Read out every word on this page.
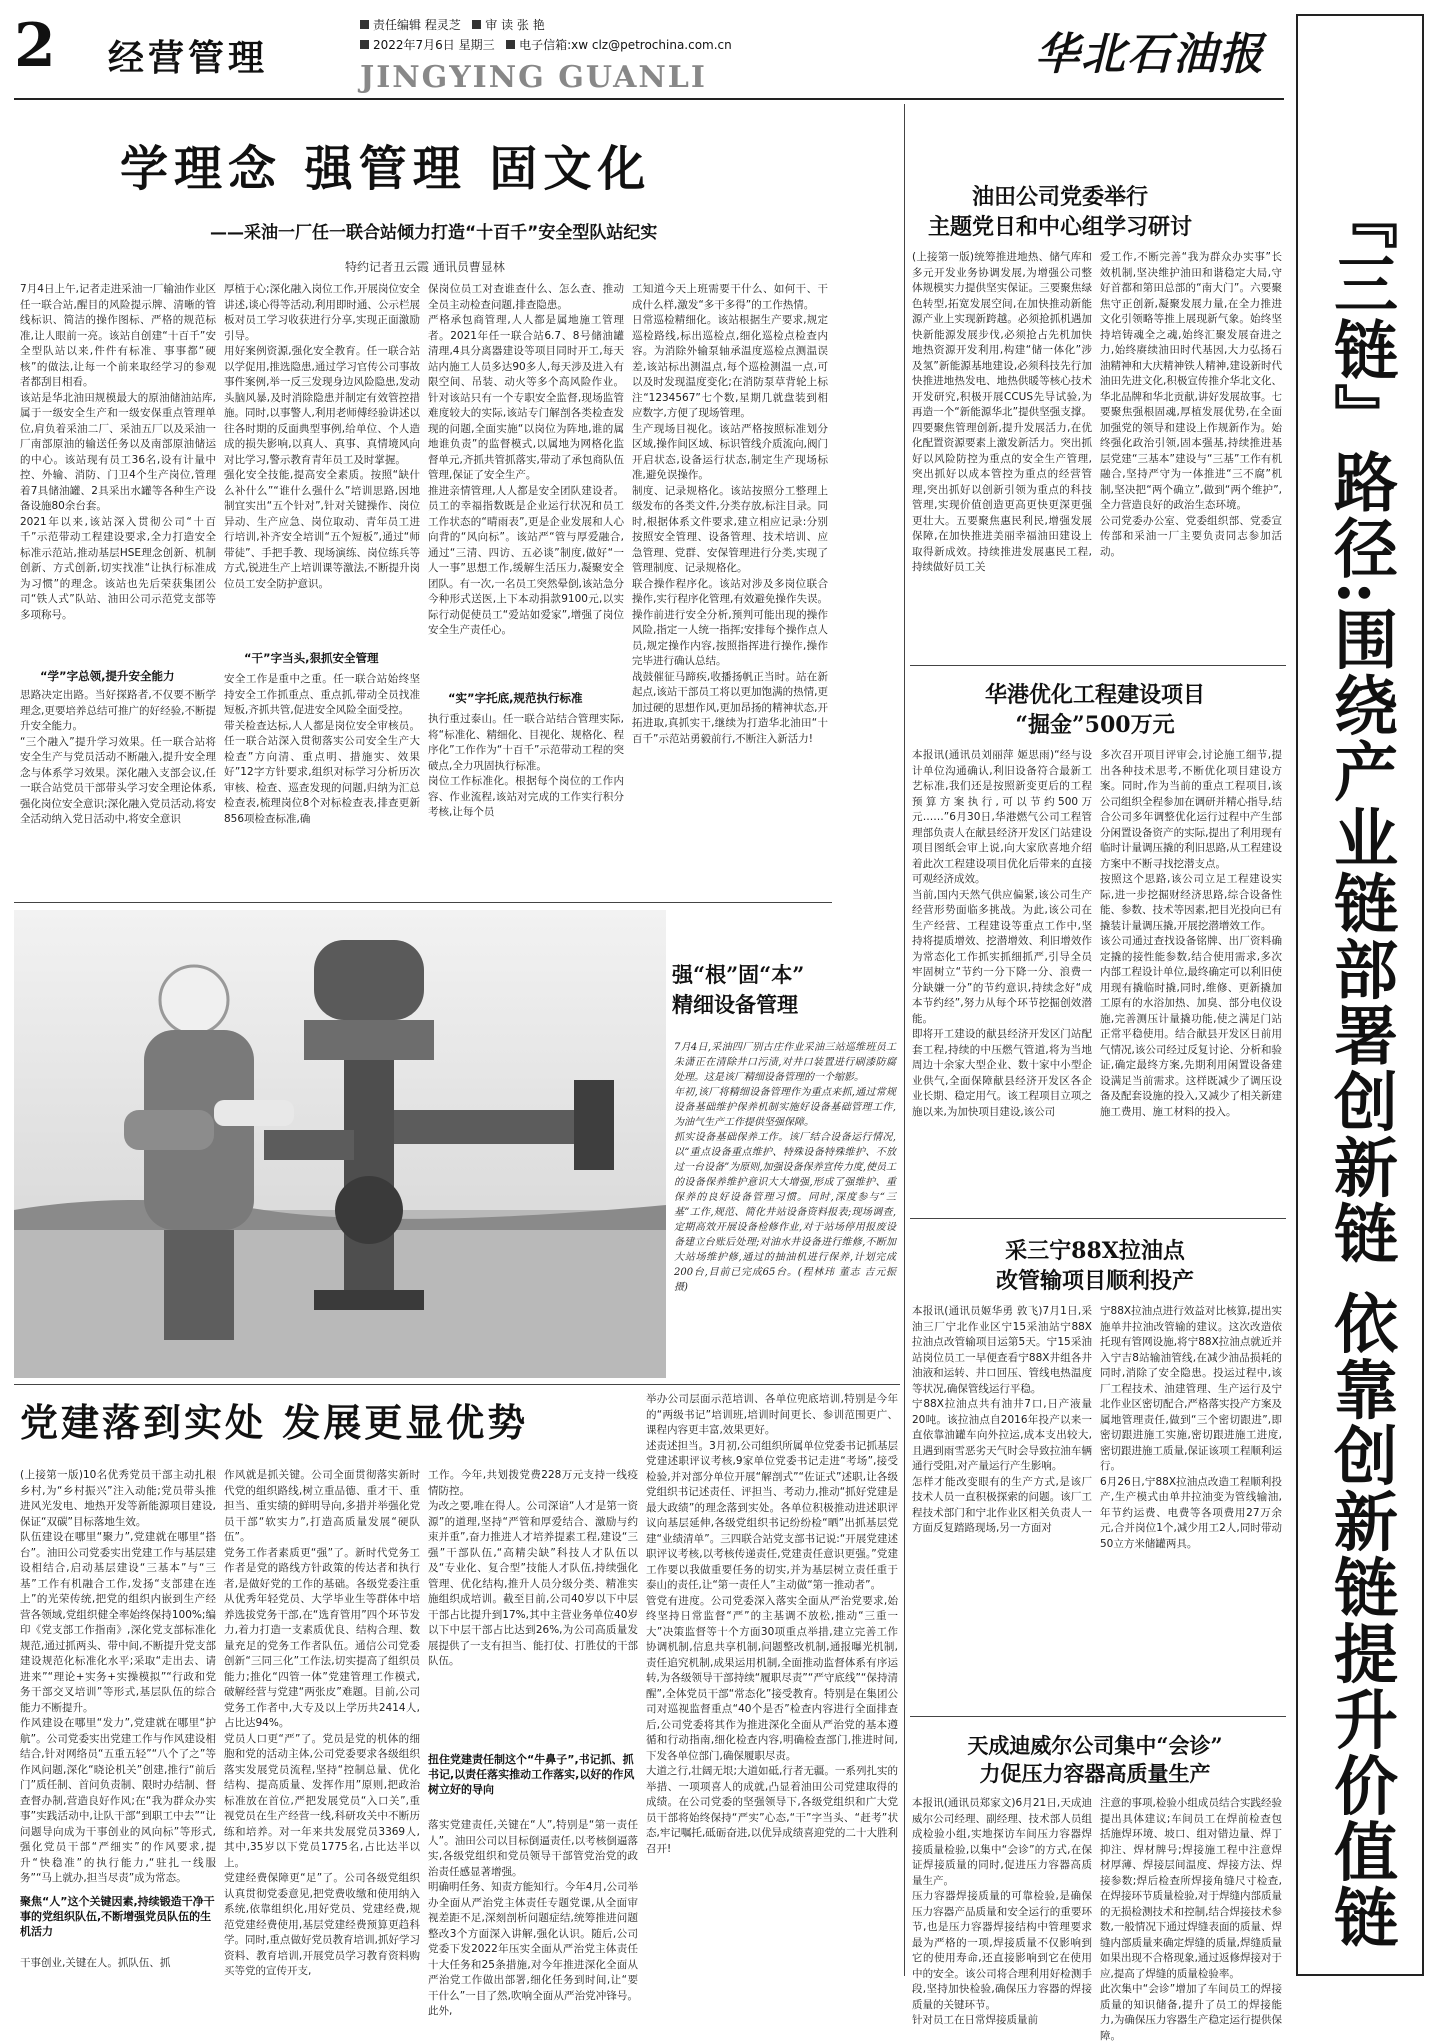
2 经营管理
责任编辑 程灵芝 审 读 张 艳
2022年7月6日 星期三 电子信箱:xw clz@petrochina.com.cn
JINGYING GUANLI	华北石油报
『三链』路径:围绕产业链部署创新链 依靠创新链提升价值链
学理念 强管理 固文化
——采油一厂任一联合站倾力打造“十百千”安全型队站纪实
特约记者丑云霞 通讯员曹显林
7月4日上午,记者走进采油一厂输油作业区任一联合站,醒目的风险提示牌、清晰的管线标识、简洁的操作图标、严格的规范标准,让人眼前一亮。该站自创建“十百千”安全型队站以来,件件有标准、事事都“硬核”的做法,让每一个前来取经学习的参观者都刮目相看。
该站是华北油田规模最大的原油储油站库,属于一级安全生产和一级安保重点管理单位,肩负着采油二厂、采油五厂以及采油一厂南部原油的输送任务以及南部原油储运的中心。该站现有员工36名,设有计量中控、外输、消防、门卫4个生产岗位,管理着7具储油罐、2具采出水罐等各种生产设备设施80余台套。
2021年以来,该站深入贯彻公司“十百千”示范带动工程建设要求,全力打造安全标准示范站,推动基层HSE理念创新、机制创新、方式创新,切实找准“让执行标准成为习惯”的理念。该站也先后荣获集团公司“铁人式”队站、油田公司示范党支部等多项称号。
“学”字总领,提升安全能力
思路决定出路。当好探路者,不仅要不断学理念,更要培养总结可推广的好经验,不断提升安全能力。
“三个融入”提升学习效果。任一联合站将安全生产与党员活动不断融入,提升安全理念与体系学习效果。深化融入支部会议,任一联合站党员干部带头学习安全理论体系,强化岗位安全意识;深化融入党员活动,将安全活动纳入党日活动中,将安全意识
厚植于心;深化融入岗位工作,开展岗位安全讲述,谈心得等活动,利用即时通、公示栏展板对员工学习收获进行分享,实现正面激励引导。
用好案例资源,强化安全教育。任一联合站以学促用,推选隐患,通过学习官传公司事故事件案例,举一反三发现身边风险隐患,发动头脑风暴,及时消除隐患并制定有效管控措施。同时,以事警人,利用老师傅经验讲述以往各时期的反面典型事例,给单位、个人造成的损失影响,以真人、真事、真情境风向对比学习,警示教育青年员工及时掌握。
强化安全技能,提高安全素质。按照“缺什么补什么”“谁什么强什么”培训思路,因地制宜实出“五个针对”,针对关键操作、岗位异动、生产应急、岗位取动、青年员工进行培训,补齐安全培训“五个短板”,通过“师带徒”、手把手教、现场演练、岗位练兵等方式,锐进生产上培训课等激法,不断提升岗位员工安全防护意识。
“干”字当头,狠抓安全管理
安全工作是重中之重。任一联合站始终坚持安全工作抓重点、重点抓,带动全员找准短板,齐抓共管,促进安全风险全面受控。
带关检查达标,人人都是岗位安全审核员。任一联合站深入贯彻落实公司安全生产大检查”方向清、重点明、措施实、效果好”12字方针要求,组织对标学习分析历次审核、检查、巡查发现的问题,归纳为汇总检查表,梳理岗位8个对标检查表,排查更新856项检查标准,确
保岗位员工对查谁查什么、怎么查、推动全员主动检查问题,排查隐患。
严格承包商管理,人人都是属地施工管理者。2021年任一联合站6.7、8号储油罐清理,4具分离器建设等项目同时开工,每天站内施工人员多达90多人,每天涉及进入有限空间、吊装、动火等多个高风险作业。针对该站只有一个专职安全监督,现场监管难度较大的实际,该站专门解剖各类检查发现的问题,全面实施“以岗位为阵地,谁的属地谁负责”的监督模式,以属地为网格化监督单元,齐抓共管抓落实,带动了承包商队伍管理,保证了安全生产。
推进亲情管理,人人都是安全团队建设者。员工的幸福指数既是企业运行状况和员工工作状态的“晴雨表”,更是企业发展和人心向背的“风向标”。该站严“管与厚爱融合,通过“三清、四访、五必谈”制度,做好“一人一事”思想工作,缓解生活压力,凝聚安全团队。有一次,一名员工突然晕倒,该站急分今种形式送医,上下本动捐款9100元,以实际行动促使员工“爱站如爱家”,增强了岗位安全生产责任心。
“实”字托底,规范执行标准
执行重过泰山。任一联合站结合管理实际,将“标准化、精细化、目视化、规格化、程序化”工作作为“十百千”示范带动工程的突破点,全力巩固执行标准。
岗位工作标准化。根据每个岗位的工作内容、作业流程,该站对完成的工作实行积分考核,让每个员
工知道今天上班需要干什么、如何干、干成什么样,激发“多干多得”的工作热情。
日常巡检精细化。该站根据生产要求,规定巡检路线,标出巡检点,细化巡检点检查内容。为消除外输泵轴承温度巡检点测温误差,该站标出测温点,每个巡检测温一点,可以及时发现温度变化;在消防泵草背轮上标注“1234567”七个数,星期几就盘装到相应数字,方便了现场管理。
生产现场目视化。该站严格按照标准划分区域,操作间区域、标识管线介质流向,阀门开启状态,设备运行状态,制定生产现场标准,避免误操作。
制度、记录规格化。该站按照分工整理上级发布的各类文件,分类存放,标注目录。同时,根据体系文件要求,建立相应记录:分别按照安全管理、设备管理、技术培训、应急管理、党群、安保管理进行分类,实现了管理制度、记录规格化。
联合操作程序化。该站对涉及多岗位联合操作,实行程序化管理,有效避免操作失误。操作前进行安全分析,预判可能出现的操作风险,指定一人统一指挥;安排每个操作点人员,规定操作内容,按照指挥进行操作,操作完毕进行确认总结。
战鼓催征马蹄疾,收播扬帆正当时。站在新起点,该站干部员工将以更加饱满的热情,更加过硬的思想作风,更加昂扬的精神状态,开拓进取,真抓实干,继续为打造华北油田“十百千”示范站勇毅前行,不断注入新活力!
油田公司党委举行
主题党日和中心组学习研讨
(上接第一版)统筹推进地热、储气库和多元开发业务协调发展,为增强公司整体规模实力提供坚实保证。三要聚焦绿色转型,拓宽发展空间,在加快推动新能源产业上实现新跨越。必须抢抓机遇加快新能源发展步伐,必须抢占先机加快地热资源开发利用,构建“储一体化”涉及氢”新能源基地建设,必须科技先行加快推进地热发电、地热供暖等核心技术开发研究,积极开展CCUS先导试验,为再造一个“新能源华北”提供坚强支撑。四要聚焦管理创新,提升发展活力,在优化配置资源要素上激发新活力。突出抓好以风险防控为重点的安全生产管理,突出抓好以成本管控为重点的经营管理,突出抓好以创新引领为重点的科技管理,实现价值创造更高更快更深更强更壮大。五要聚焦惠民利民,增强发展保障,在加快推进美丽幸福油田建设上取得新成效。持续推进发展惠民工程,持续做好员工关
爱工作,不断完善“我为群众办实事”长效机制,坚决维护油田和谐稳定大局,守好首都和第田总部的“南大门”。六要聚焦守正创新,凝聚发展力量,在全力推进文化引领略等推上展现新气象。始终坚持培铸魂全之魂,始终汇聚发展奋进之力,始终赓续油田时代基因,大力弘扬石油精神和大庆精神铁人精神,建设新时代油田先进文化,积极宣传推介华北文化、华北品牌和华北贡献,讲好发展故事。七要聚焦强根固魂,厚植发展优势,在全面加强党的领导和建设上作规新作为。始终强化政治引领,固本强基,持续推进基层党建“三基本”建设与“三基”工作有机融合,坚持严守为一体推进“三不腐”机制,坚决把“两个确立”,做到“两个维护”,全力营造良好的政治生态环境。
公司党委办公室、党委组织部、党委宣传部和采油一厂主要负责同志参加活动。
华港优化工程建设项目
“掘金”500万元
本报讯(通讯员刘丽萍 姬思雨)“经与设计单位沟通确认,利旧设备符合最新工艺标准,我们还是按照新变更后的工程预算方案执行,可以节约500万元……”6月30日,华港燃气公司工程管理部负责人在献县经济开发区门站建设项目图纸会审上说,向大家欣喜地介绍着此次工程建设项目优化后带来的直接可观经济成效。
当前,国内天然气供应偏紧,该公司生产经营形势面临多挑战。为此,该公司在生产经营、工程建设等重点工作中,坚持将提质增效、挖潜增效、利旧增效作为常态化工作抓实抓细抓严,引导全员牢固树立“节约一分下降一分、浪费一分缺嫌一分”的节约意识,持续念好“成本节约经”,努力从每个环节挖掘创效潜能。
即将开工建设的献县经济开发区门站配套工程,持续的中压燃气管道,将为当地周边十余家大型企业、数十家中小型企业供气,全面保障献县经济开发区各企业长期、稳定用气。该工程项目立项之施以来,为加快项目建设,该公司
多次召开项目评审会,讨论施工细节,提出各种技术思考,不断优化项目建设方案。同时,作为当前的重点工程项目,该公司组织全程参加在调研并精心指导,结合公司多年调整优化运行过程中产生部分闲置设备资产的实际,提出了利用现有临时计量调压撬的利旧思路,从工程建设方案中不断寻找挖潜支点。
按照这个思路,该公司立足工程建设实际,进一步挖掘财经济思路,综合设备性能、参数、技术等因素,把目光投向已有撬装计量调压撬,开展挖潜增效工作。
该公司通过查找设备铭牌、出厂资料确定撬的接性能参数,结合使用需求,多次内部工程设计单位,最终确定可以利旧使用现有撬临时撬,同时,维修、更新撬加工原有的水浴加热、加臭、部分电仪设施,完善测压计量撬功能,使之满足门站正常平稳使用。结合献县开发区日前用气情况,该公司经过反复讨论、分析和验证,确定最终方案,先期利用闲置设备建设满足当前需求。这样既减少了调压设备及配套设施的投入,又减少了相关新建施工费用、施工材料的投入。
采三宁88X拉油点
改管输项目顺利投产
本报讯(通讯员姬华勇 敦飞)7月1日,采油三厂宁北作业区宁15采油站宁88X拉油点改管输项目运第5天。宁15采油站岗位员工一早便查看宁88X井组各井油液和运转、井口回压、管线电热温度等状况,确保管线运行平稳。
宁88X拉油点共有油井7口,日产液量20吨。该拉油点自2016年投产以来一直依靠油罐车向外拉运,成本支出较大,且遇到雨雪恶劣天气时会导致拉油车辆通行受阻,对产量运行产生影响。
怎样才能改变眼有的生产方式,是该厂技术人员一直积极探索的问题。该厂工程技术部门和宁北作业区相关负责人一方面反复踏路现场,另一方面对
宁88X拉油点进行效益对比核算,提出实施单井拉油改管输的建议。这次改造依托现有管网设施,将宁88X拉油点就近并入宁吉8站输油管线,在减少油品损耗的同时,消除了安全隐患。投运过程中,该厂工程技术、油建管理、生产运行及宁北作业区密切配合,严格落实投产方案及属地管理责任,做到“三个密切跟进”,即密切跟进施工实施,密切跟进施工进度,密切跟进施工质量,保证该项工程顺利运行。
6月26日,宁88X拉油点改造工程顺利投产,生产模式由单井拉油变为管线输油,年节约运费、电费等各项费用27万余元,合并岗位1个,减少用工2人,同时带动50立方米储罐两具。
天成迪威尔公司集中“会诊”
力促压力容器高质量生产
本报讯(通讯员郑家文)6月21日,天成迪威尔公司经理、副经理、技术部人员组成检验小组,实地探访车间压力容器焊接质量检验,以集中“会诊”的方式,在保证焊接质量的同时,促进压力容器高质量生产。
压力容器焊接质量的可靠检验,是确保压力容器产品质量和安全运行的重要环节,也是压力容器焊接结构中管理要求最为严格的一项,焊接质量不仅影响到它的使用寿命,还直接影响到它在使用中的安全。该公司将合理利用好检测手段,坚持加快检验,确保压力容器的焊接质量的关键环节。
针对员工在日常焊接质量前
注意的事项,检验小组成员结合实践经验提出具体建议;车间员工在焊前检查包括施焊环境、坡口、组对错边量、焊丁抑注、焊材牌号;焊接施工程中注意焊材厚薄、焊接层间温度、焊接方法、焊接参数;焊后检查所焊接角缝尺寸检查,在焊接环节质量检验,对于焊缝内部质量的无损检测技术和控制,结合焊接技术参数,一般情况下通过焊缝表面的质量、焊缝内部质量来确定焊缝的质量,焊缝质量如果出现不合格现象,通过返修焊接对于应,提高了焊缝的质量检验率。
此次集中“会诊”增加了车间员工的焊接质量的知识储备,提升了员工的焊接能力,为确保压力容器生产稳定运行提供保障。
强“根”固“本”
精细设备管理
7月4日,采油四厂别古庄作业采油三站巡维班员工朱潇正在清除井口污渍,对井口装置进行刷漆防腐处理。这是该厂精细设备管理的一个缩影。
年初,该厂将精细设备管理作为重点来抓,通过常规设备基础维护保养机制实施好设备基础管理工作,为油气生产工作提供坚强保障。
抓实设备基础保养工作。该厂结合设备运行情况,以“重点设备重点维护、特殊设备特殊维护、不放过一台设备”为原则,加强设备保养宣传力度,使员工的设备保养维护意识大大增强,形成了强维护、重保养的良好设备管理习惯。同时,深度参与“三基”工作,规范、简化井站设备资料报表;现场调查,定期高效开展设备检修作业,对于站场停用报废设备建立台账后处理;对油水井设备进行维修,不断加大站场维护修,通过的抽油机进行保养,计划完成200台,目前已完成65台。(程林玮 董志 吉元振 摄)
党建落到实处 发展更显优势
(上接第一版)10名优秀党员干部主动扎根乡村,为“乡村振兴”注入动能;党员带头推进风光发电、地热开发等新能源项目建设,保证“双碳”目标落地生效。
队伍建设在哪里“聚力”,党建就在哪里“搭台”。油田公司党委实出党建工作与基层建设相结合,启动基层建设“三基本”与“三基”工作有机融合工作,发扬“支部建在连上”的光荣传统,把党的组织内嵌到生产经营各领域,党组织健全率始终保持100%;编印《党支部工作指南》,深化党支部标准化规范,通过抓两头、带中间,不断提升党支部建设规范化标准化水平;采取“走出去、请进来”“理论+实务+实操模拟”“行政和党务干部交叉培训”等形式,基层队伍的综合能力不断提升。
作风建设在哪里“发力”,党建就在哪里“护航”。公司党委实出党建工作与作风建设相结合,针对网络员“五重五轻”“八个了之”等作风问题,深化“晓论机关”创建,推行“前后门”质任制、首问负责制、限时办结制、督查督办制,营造良好作风;在“我为群众办实事”实践活动中,让队干部“到职工中去”“让问题导向成为干事创业的风向标”等形式,强化党员干部“严细实”的作风要求,提升“快稳准”的执行能力,“驻扎一线服务”“马上就办,担当尽责”成为常态。
聚焦“人”这个关键因素,持续锻造干净干事的党组织队伍,不断增强党员队伍的生机活力
干事创业,关键在人。抓队伍、抓
作风就是抓关键。公司全面贯彻落实新时代党的组织路线,树立重品德、重才干、重担当、重实绩的鲜明导向,多措并举强化党员干部“软实力”,打造高质量发展“硬队伍”。
党务工作者素质更“强”了。新时代党务工作者是党的路线方针政策的传达者和执行者,是做好党的工作的基础。各级党委注重从优秀年轻党员、大学毕业生等群体中培养选拔党务干部,在“选育管用”四个环节发力,着力打造一支素质优良、结构合理、数量充足的党务工作者队伍。通信公司党委创新“三同三化”工作法,切实提高了组织员能力;推化“四管一体”党建管理工作模式,破解经营与党建“两张皮”难题。目前,公司党务工作者中,大专及以上学历共2414人,占比达94%。
党员人口更“严”了。党员是党的机体的细胞和党的活动主体,公司党委要求各级组织落实发展党员流程,坚持“控制总量、优化结构、提高质量、发挥作用”原则,把政治标准放在首位,严把发展党员“入口关”,重视党员在生产经营一线,科研攻关中不断历练和培养。对一年来共发展党员3369人,其中,35岁以下党员1775名,占比达半以上。
党建经费保障更“足”了。公司各级党组织认真贯彻党委意见,把党费收缴和使用纳入系统,依靠组织化,用好党员、党建经费,规范党建经费使用,基层党建经费预算更趋科学。同时,重点做好党员教育培训,抓好学习资料、教育培训,开展党员学习教育资料购买等党的宣传开支,
工作。今年,共划拨党费228万元支持一线疫情防控。
为改之要,唯在得人。公司深谙“人才是第一资源”的道理,坚持“严管和厚爱结合、激励与约束并重”,奋力推进人才培养提素工程,建设“三强”干部队伍,“高精尖缺”科技人才队伍以及“专业化、复合型”技能人才队伍,持续强化管理、优化结构,推升人员分级分类、精准实施组织成培训。截至目前,公司40岁以下中层干部占比提升到17%,其中主营业务单位40岁以下中层干部占比达到26%,为公司高质量发展提供了一支有担当、能打仗、打胜仗的干部队伍。
扭住党建责任制这个“牛鼻子”,书记抓、抓书记,以责任落实推动工作落实,以好的作风树立好的导向
落实党建责任,关键在“人”,特别是“第一责任人”。油田公司以目标倒逼责任,以考核倒逼落实,各级党组织和党员领导干部管党治党的政治责任感显著增强。
明确明任务、知责方能知行。今年4月,公司举办全面从严治党主体责任专题党课,从全面审视差距不足,深刻剖析问题症结,统筹推进问题整改3个方面深入讲解,强化认识。随后,公司党委下发2022年压实全面从严治党主体责任十大任务和25条措施,对今年推进深化全面从严治党工作做出部署,细化任务到时间,让“要干什么”一目了然,吹响全面从严治党冲锋号。此外,
举办公司层面示范培训、各单位兜底培训,特别是今年的“两级书记”培训班,培训时间更长、参训范围更广、课程内容更丰富,效果更好。
述责述担当。3月初,公司组织所属单位党委书记抓基层党建述职评议考核,9家单位党委书记走进“考场”,接受检验,并对部分单位开展“解剖式”“佐证式”述职,让各级党组织书记述责任、评担当、考动力,推动“抓好党建是最大政绩”的理念落到实处。各单位积极推动进述职评议向基层延伸,各级党组织书记纷纷检“晒”出抓基层党建“业绩清单”。三四联合站党支部书记说:“开展党建述职评议考核,以考核传递责任,党建责任意识更强。”党建工作要以我做重要任务的切实,并为基层树立责任重于泰山的责任,让“第一责任人”主动做“第一推动者”。
管党有进度。公司党委深入落实全面从严治党要求,始终坚持日常监督“严”的主基调不放松,推动“三重一大”决策监督等十个方面30项重点举措,建立完善工作协调机制,信息共享机制,问题整改机制,通报曝光机制,责任追究机制,成果运用机制,全面推动监督体系有序运转,为各级领导干部持续“履职尽责”“严守底线”“保持清醒”,全体党员干部“常态化”接受教育。特别是在集团公司对巡视监督重点“40个是否”检查内容进行全面排查后,公司党委将其作为推进深化全面从严治党的基本遵循和行动指南,细化检查内容,明确检查部门,推进时间,下发各单位部门,确保履职尽责。
大道之行,壮阔无垠;大道如砥,行者无疆。一系列扎实的举措、一项项喜人的成就,凸显着油田公司党建取得的成绩。在公司党委的坚强领导下,各级党组织和广大党员干部将始终保持“严实”心态,“干”字当头、“赶考”状态,牢记嘱托,砥砺奋进,以优异成绩喜迎党的二十大胜利召开!
